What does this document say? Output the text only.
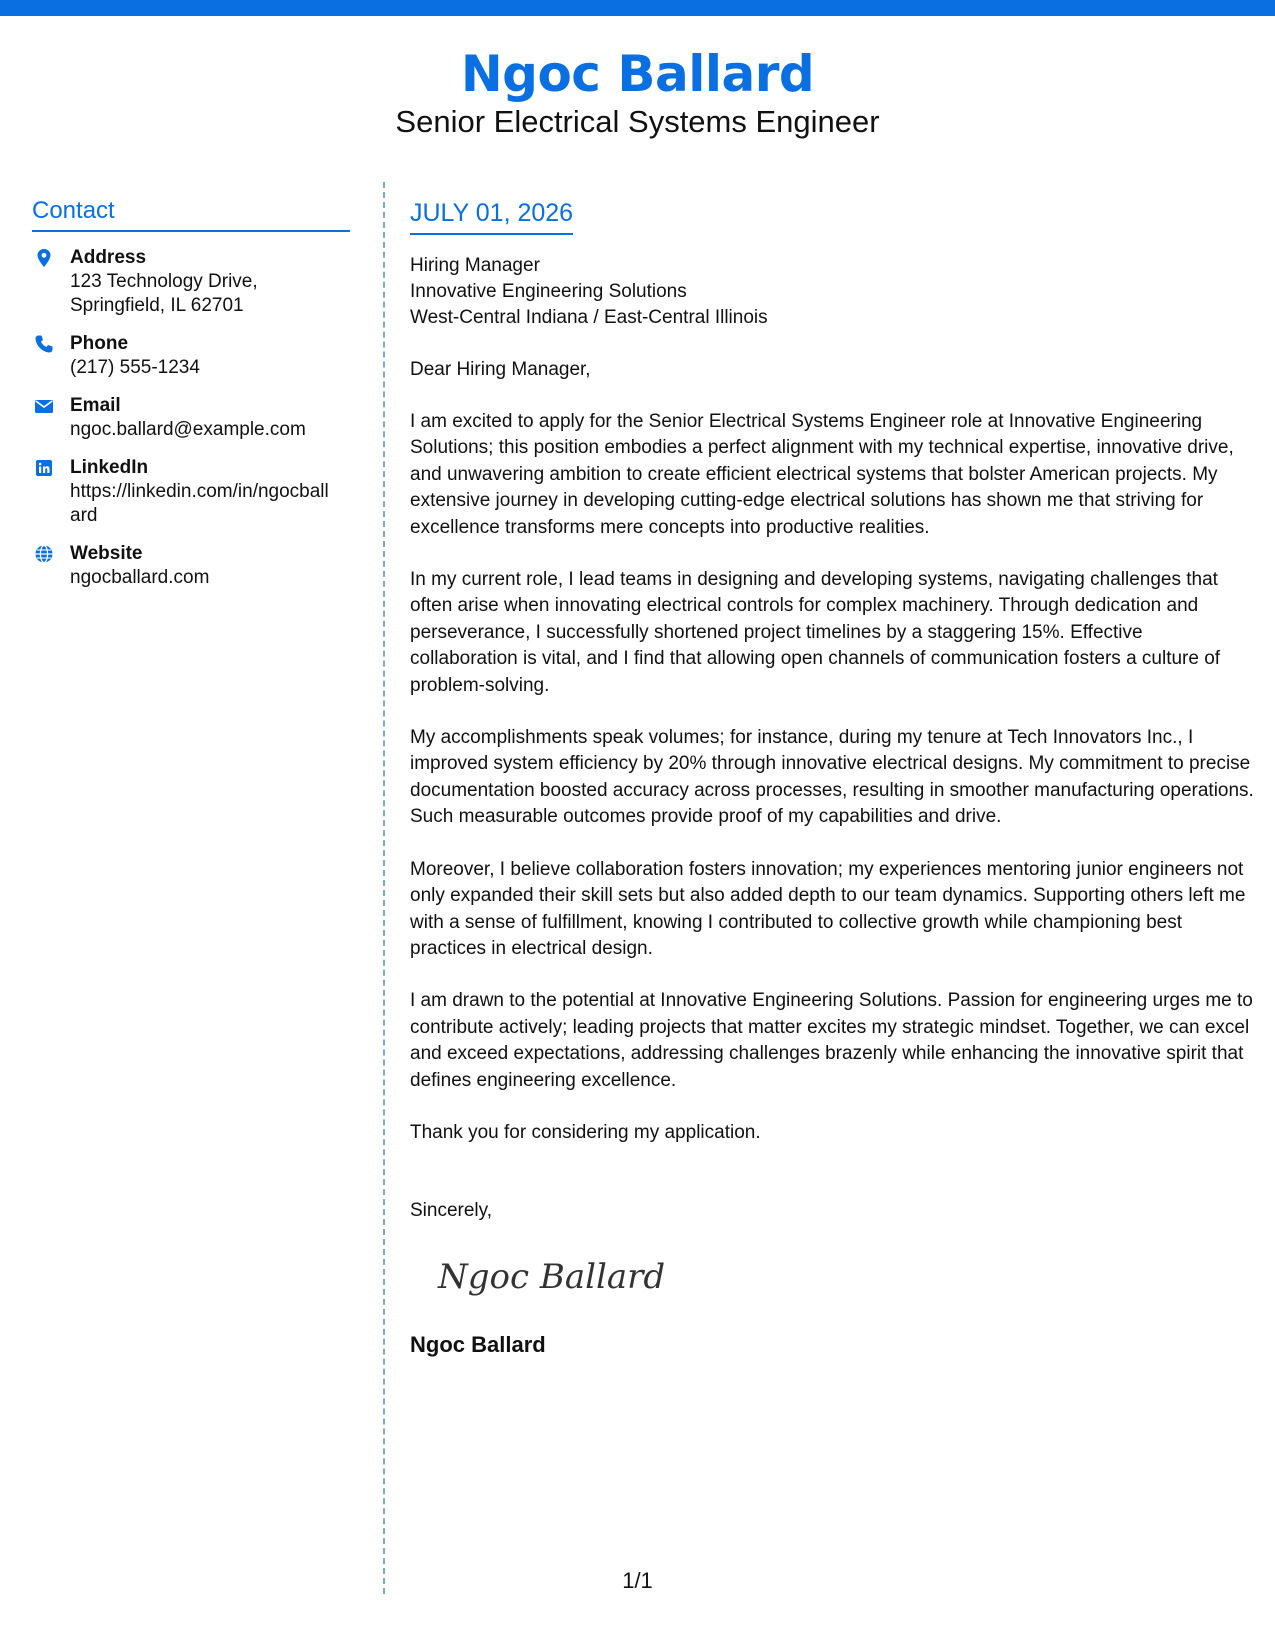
Ngoc Ballard
Senior Electrical Systems Engineer
Contact
Address
123 Technology Drive, Springfield, IL 62701
Phone
(217) 555-1234
Email
ngoc.ballard@example.com
LinkedIn
https://linkedin.com/in/ngocballard
Website
ngocballard.com
JULY 01, 2026
Hiring Manager
Innovative Engineering Solutions
West-Central Indiana / East-Central Illinois
Dear Hiring Manager,
I am excited to apply for the Senior Electrical Systems Engineer role at Innovative Engineering Solutions; this position embodies a perfect alignment with my technical expertise, innovative drive, and unwavering ambition to create efficient electrical systems that bolster American projects. My extensive journey in developing cutting-edge electrical solutions has shown me that striving for excellence transforms mere concepts into productive realities.
In my current role, I lead teams in designing and developing systems, navigating challenges that often arise when innovating electrical controls for complex machinery. Through dedication and perseverance, I successfully shortened project timelines by a staggering 15%. Effective collaboration is vital, and I find that allowing open channels of communication fosters a culture of problem-solving.
My accomplishments speak volumes; for instance, during my tenure at Tech Innovators Inc., I improved system efficiency by 20% through innovative electrical designs. My commitment to precise documentation boosted accuracy across processes, resulting in smoother manufacturing operations. Such measurable outcomes provide proof of my capabilities and drive.
Moreover, I believe collaboration fosters innovation; my experiences mentoring junior engineers not only expanded their skill sets but also added depth to our team dynamics. Supporting others left me with a sense of fulfillment, knowing I contributed to collective growth while championing best practices in electrical design.
I am drawn to the potential at Innovative Engineering Solutions. Passion for engineering urges me to contribute actively; leading projects that matter excites my strategic mindset. Together, we can excel and exceed expectations, addressing challenges brazenly while enhancing the innovative spirit that defines engineering excellence.
Thank you for considering my application.
Sincerely,
Ngoc Ballard
Ngoc Ballard
1/1
